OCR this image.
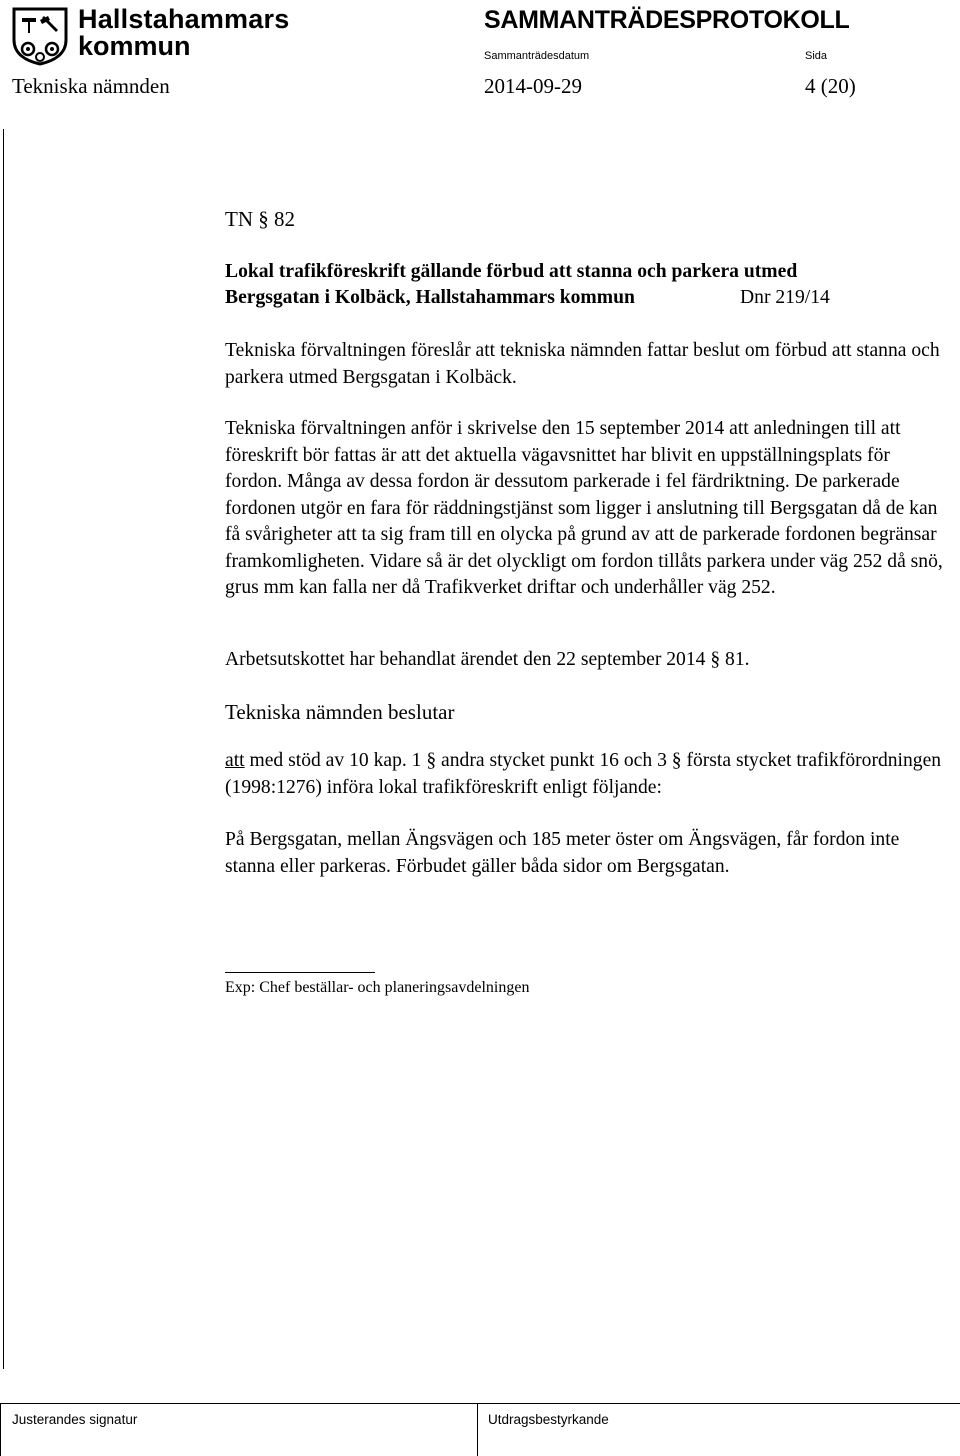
Hallstahammars
kommun
SAMMANTRÄDESPROTOKOLL
Sammanträdesdatum	Sida
Tekniska nämnden	2014-09-29	4 (20)
TN § 82
Lokal trafikföreskrift gällande förbud att stanna och parkera utmed
Bergsgatan i Kolbäck, Hallstahammars kommun	Dnr 219/14
Tekniska förvaltningen föreslår att tekniska nämnden fattar beslut om förbud att stanna och parkera utmed Bergsgatan i Kolbäck.
Tekniska förvaltningen anför i skrivelse den 15 september 2014 att anledningen till att föreskrift bör fattas är att det aktuella vägavsnittet har blivit en uppställningsplats för fordon. Många av dessa fordon är dessutom parkerade i fel färdriktning. De parkerade fordonen utgör en fara för räddningstjänst som ligger i anslutning till Bergsgatan då de kan få svårigheter att ta sig fram till en olycka på grund av att de parkerade fordonen begränsar framkomligheten. Vidare så är det olyckligt om fordon tillåts parkera under väg 252 då snö, grus mm kan falla ner då Trafikverket driftar och underhåller väg 252.
Arbetsutskottet har behandlat ärendet den 22 september 2014 § 81.
Tekniska nämnden beslutar
att med stöd av 10 kap. 1 § andra stycket punkt 16 och 3 § första stycket trafikförordningen (1998:1276) införa lokal trafikföreskrift enligt följande:
På Bergsgatan, mellan Ängsvägen och 185 meter öster om Ängsvägen, får fordon inte stanna eller parkeras. Förbudet gäller båda sidor om Bergsgatan.
Exp: Chef beställar- och planeringsavdelningen
Justerandes signatur	Utdragsbestyrkande
